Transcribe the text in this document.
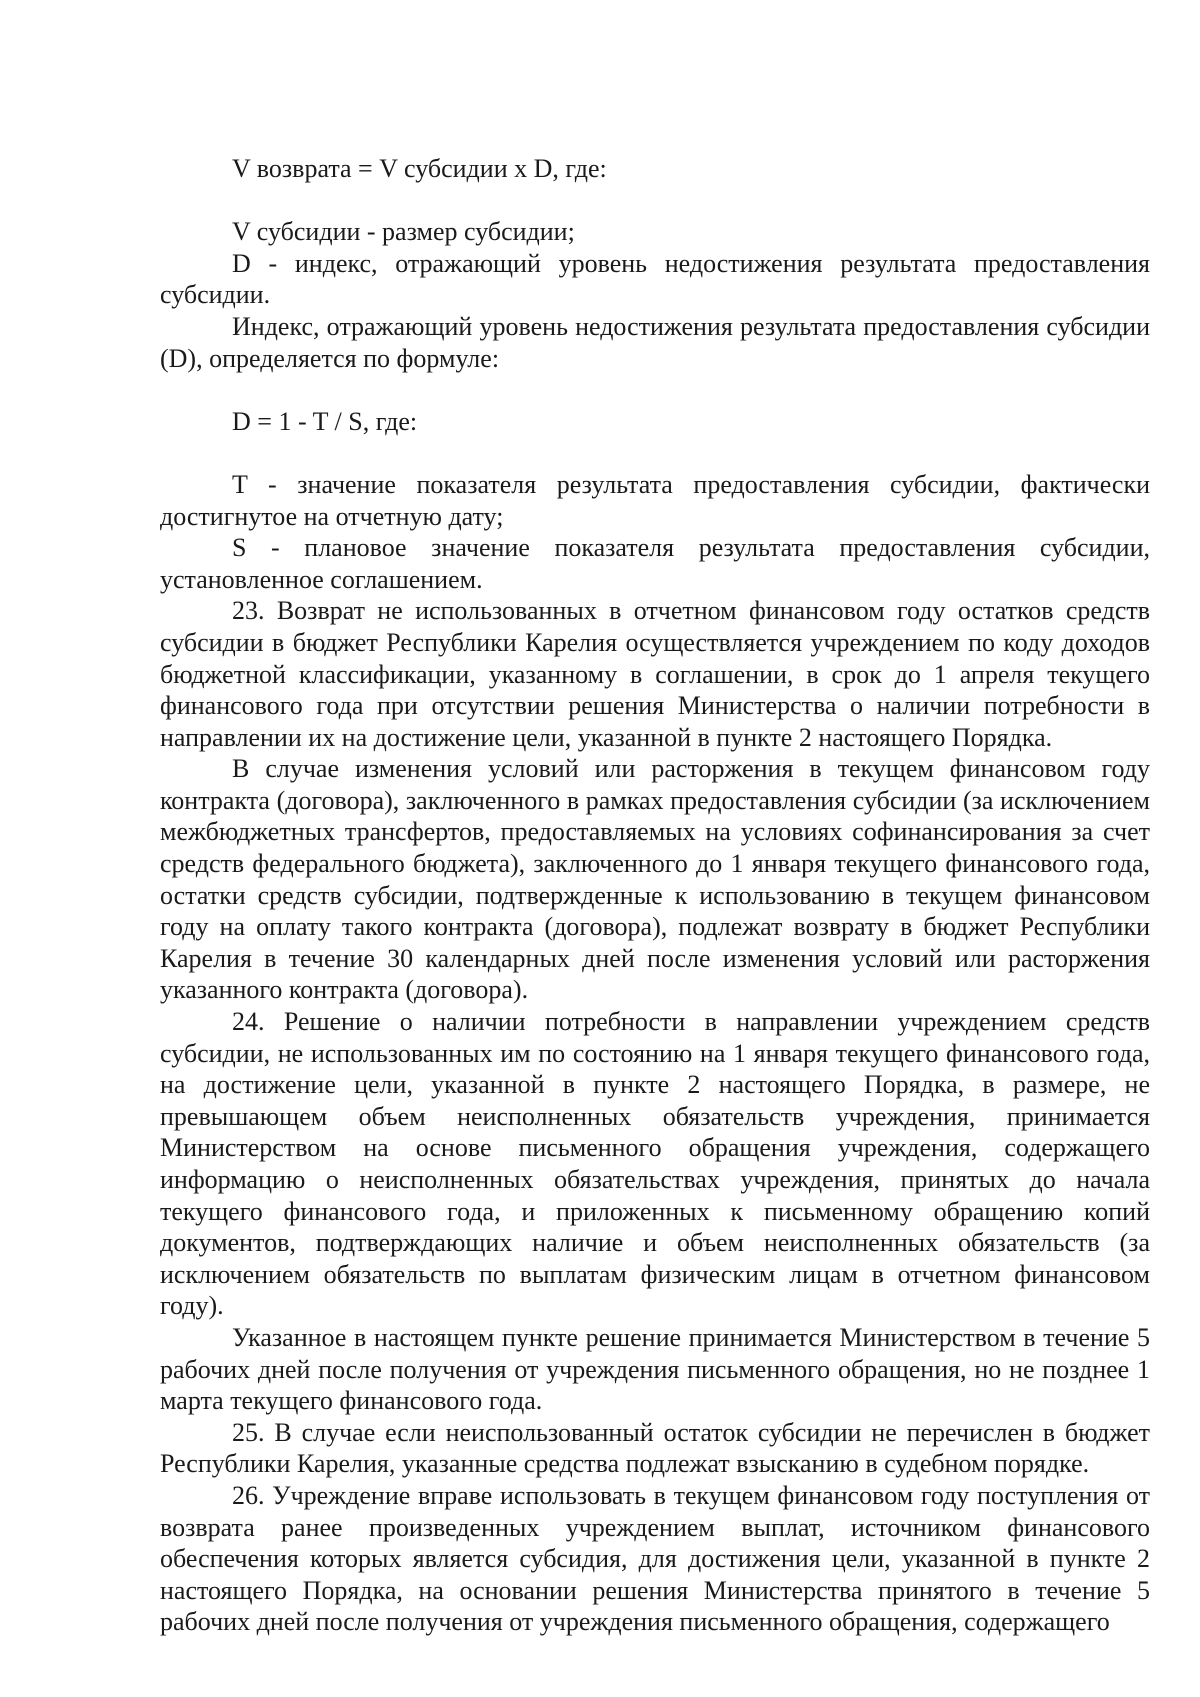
V возврата = V субсидии x D, где:

V субсидии - размер субсидии;

D - индекс, отражающий уровень недостижения результата предоставления субсидии.

Индекс, отражающий уровень недостижения результата предоставления субсидии (D), определяется по формуле:

D = 1 - T / S, где:

T - значение показателя результата предоставления субсидии, фактически достигнутое на отчетную дату;

S - плановое значение показателя результата предоставления субсидии, установленное соглашением.

23. Возврат не использованных в отчетном финансовом году остатков средств субсидии в бюджет Республики Карелия осуществляется учреждением по коду доходов бюджетной классификации, указанному в соглашении, в срок до 1 апреля текущего финансового года при отсутствии решения Министерства о наличии потребности в направлении их на достижение цели, указанной в пункте 2 настоящего Порядка.

В случае изменения условий или расторжения в текущем финансовом году контракта (договора), заключенного в рамках предоставления субсидии (за исключением межбюджетных трансфертов, предоставляемых на условиях софинансирования за счет средств федерального бюджета), заключенного до 1 января текущего финансового года, остатки средств субсидии, подтвержденные к использованию в текущем финансовом году на оплату такого контракта (договора), подлежат возврату в бюджет Республики Карелия в течение 30 календарных дней после изменения условий или расторжения указанного контракта (договора).

24. Решение о наличии потребности в направлении учреждением средств субсидии, не использованных им по состоянию на 1 января текущего финансового года, на достижение цели, указанной в пункте 2 настоящего Порядка, в размере, не превышающем объем неисполненных обязательств учреждения, принимается Министерством на основе письменного обращения учреждения, содержащего информацию о неисполненных обязательствах учреждения, принятых до начала текущего финансового года, и приложенных к письменному обращению копий документов, подтверждающих наличие и объем неисполненных обязательств (за исключением обязательств по выплатам физическим лицам в отчетном финансовом году).

Указанное в настоящем пункте решение принимается Министерством в течение 5 рабочих дней после получения от учреждения письменного обращения, но не позднее 1 марта текущего финансового года.

25. В случае если неиспользованный остаток субсидии не перечислен в бюджет Республики Карелия, указанные средства подлежат взысканию в судебном порядке.

26. Учреждение вправе использовать в текущем финансовом году поступления от возврата ранее произведенных учреждением выплат, источником финансового обеспечения которых является субсидия, для достижения цели, указанной в пункте 2 настоящего Порядка, на основании решения Министерства принятого в течение 5 рабочих дней после получения от учреждения письменного обращения, содержащего
